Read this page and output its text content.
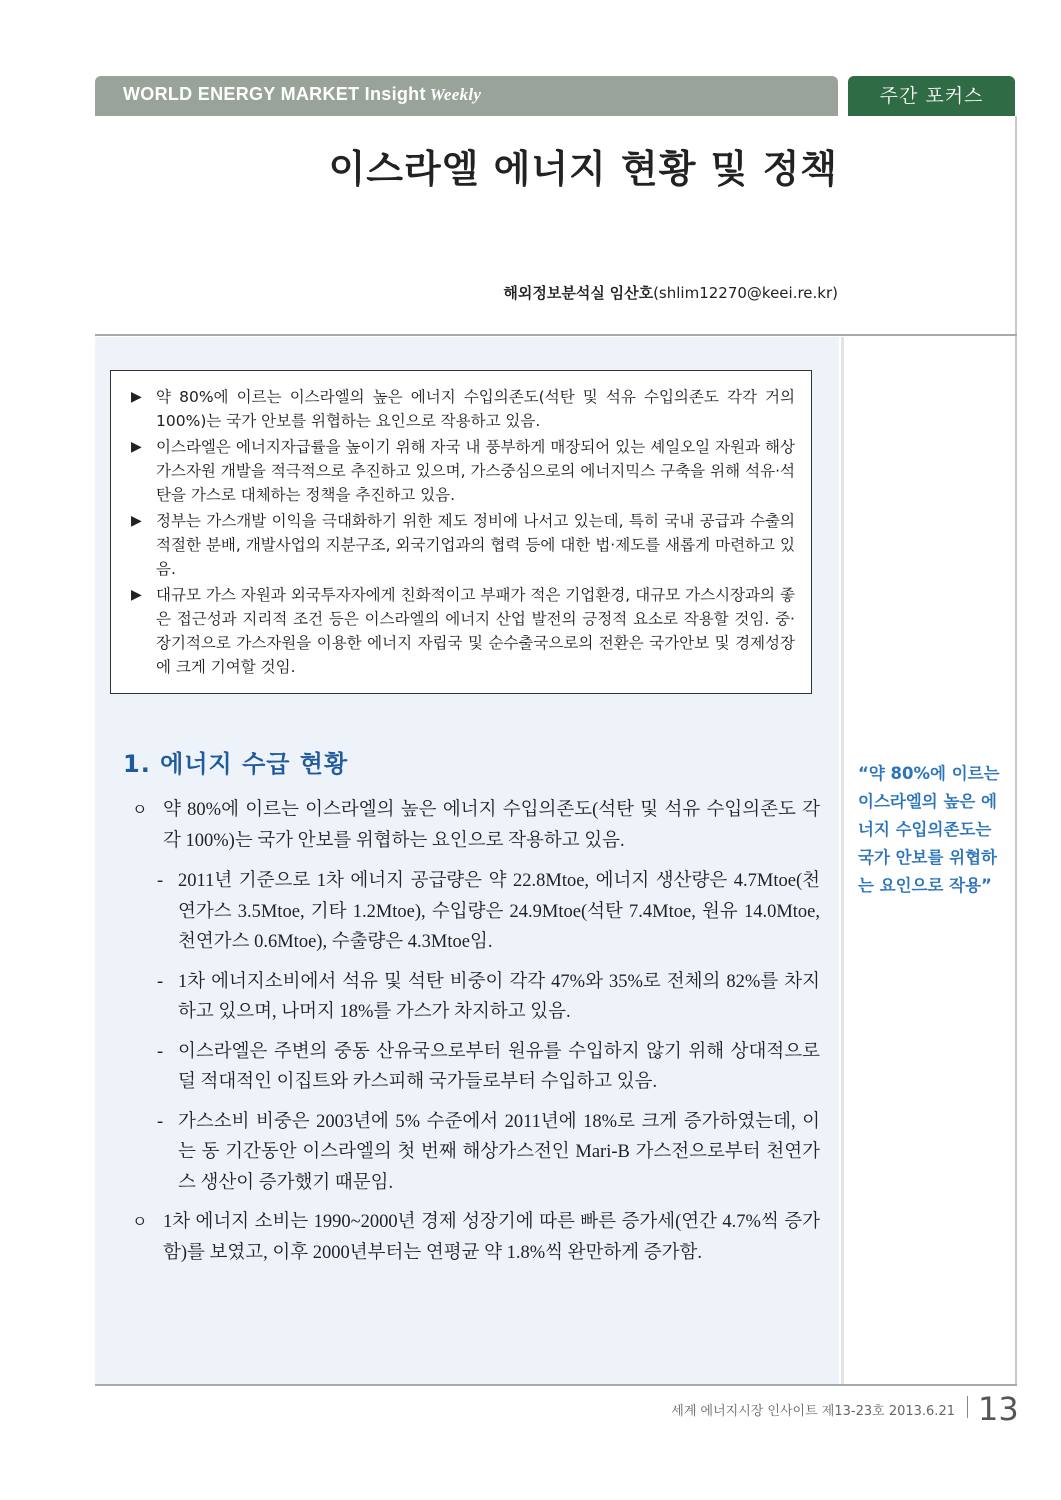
WORLD ENERGY MARKET Insight Weekly	주간 포커스
이스라엘 에너지 현황 및 정책
해외정보분석실 임산호(shlim12270@keei.re.kr)
▶ 약 80%에 이르는 이스라엘의 높은 에너지 수입의존도(석탄 및 석유 수입의존도 각각 거의 100%)는 국가 안보를 위협하는 요인으로 작용하고 있음.
▶ 이스라엘은 에너지자급률을 높이기 위해 자국 내 풍부하게 매장되어 있는 셰일오일 자원과 해상 가스자원 개발을 적극적으로 추진하고 있으며, 가스중심으로의 에너지믹스 구축을 위해 석유·석탄을 가스로 대체하는 정책을 추진하고 있음.
▶ 정부는 가스개발 이익을 극대화하기 위한 제도 정비에 나서고 있는데, 특히 국내 공급과 수출의 적절한 분배, 개발사업의 지분구조, 외국기업과의 협력 등에 대한 법·제도를 새롭게 마련하고 있음.
▶ 대규모 가스 자원과 외국투자자에게 친화적이고 부패가 적은 기업환경, 대규모 가스시장과의 좋은 접근성과 지리적 조건 등은 이스라엘의 에너지 산업 발전의 긍정적 요소로 작용할 것임. 중·장기적으로 가스자원을 이용한 에너지 자립국 및 순수출국으로의 전환은 국가안보 및 경제성장에 크게 기여할 것임.
1. 에너지 수급 현황
ㅇ 약 80%에 이르는 이스라엘의 높은 에너지 수입의존도(석탄 및 석유 수입의존도 각각 100%)는 국가 안보를 위협하는 요인으로 작용하고 있음.
- 2011년 기준으로 1차 에너지 공급량은 약 22.8Mtoe, 에너지 생산량은 4.7Mtoe(천연가스 3.5Mtoe, 기타 1.2Mtoe), 수입량은 24.9Mtoe(석탄 7.4Mtoe, 원유 14.0Mtoe, 천연가스 0.6Mtoe), 수출량은 4.3Mtoe임.
- 1차 에너지소비에서 석유 및 석탄 비중이 각각 47%와 35%로 전체의 82%를 차지하고 있으며, 나머지 18%를 가스가 차지하고 있음.
- 이스라엘은 주변의 중동 산유국으로부터 원유를 수입하지 않기 위해 상대적으로 덜 적대적인 이집트와 카스피해 국가들로부터 수입하고 있음.
- 가스소비 비중은 2003년에 5% 수준에서 2011년에 18%로 크게 증가하였는데, 이는 동 기간동안 이스라엘의 첫 번째 해상가스전인 Mari-B 가스전으로부터 천연가스 생산이 증가했기 때문임.
ㅇ 1차 에너지 소비는 1990~2000년 경제 성장기에 따른 빠른 증가세(연간 4.7%씩 증가함)를 보였고, 이후 2000년부터는 연평균 약 1.8%씩 완만하게 증가함.
“약 80%에 이르는 이스라엘의 높은 에너지 수입의존도는 국가 안보를 위협하는 요인으로 작용”
세계 에너지시장 인사이트 제13-23호 2013.6.21 13
